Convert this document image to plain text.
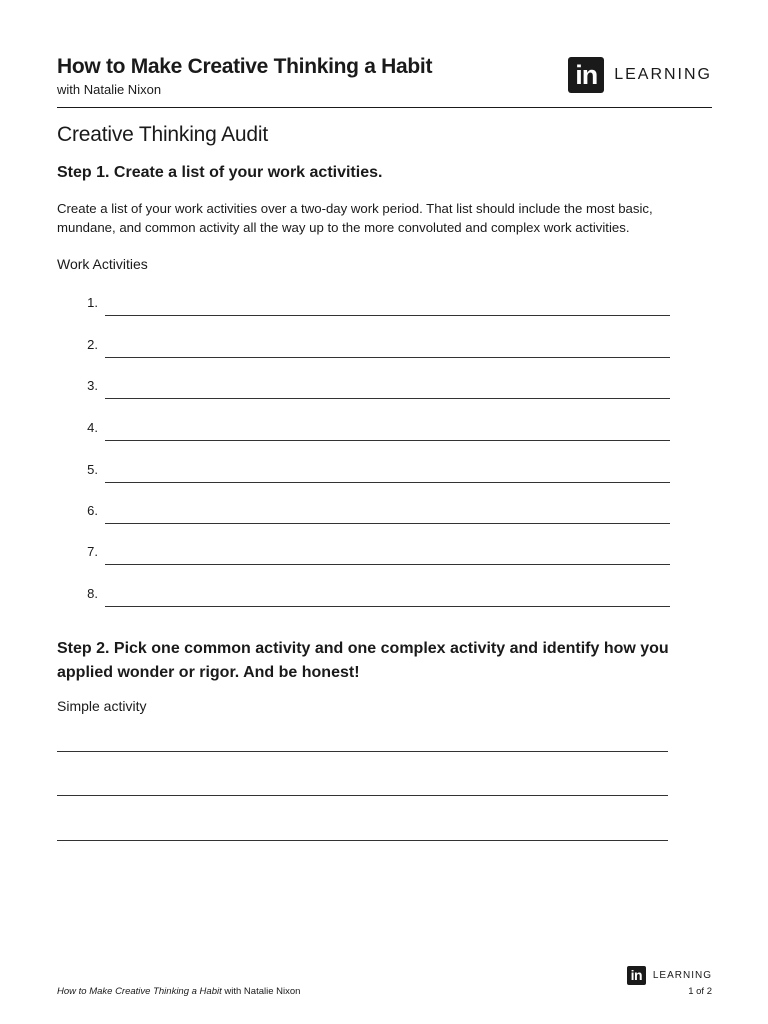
How to Make Creative Thinking a Habit
with Natalie Nixon	in	LEARNING
Creative Thinking Audit
Step 1. Create a list of your work activities.

Create a list of your work activities over a two-day work period. That list should include the most basic, mundane, and common activity all the way up to the more convoluted and complex work activities.

Work Activities
1.
2.
3.
4.
5.
6.
7.
8.
Step 2. Pick one common activity and one complex activity and identify how you  applied wonder or rigor. And be honest!
Simple activity
in	LEARNING
How to Make Creative Thinking a Habit with Natalie Nixon	1 of 2
